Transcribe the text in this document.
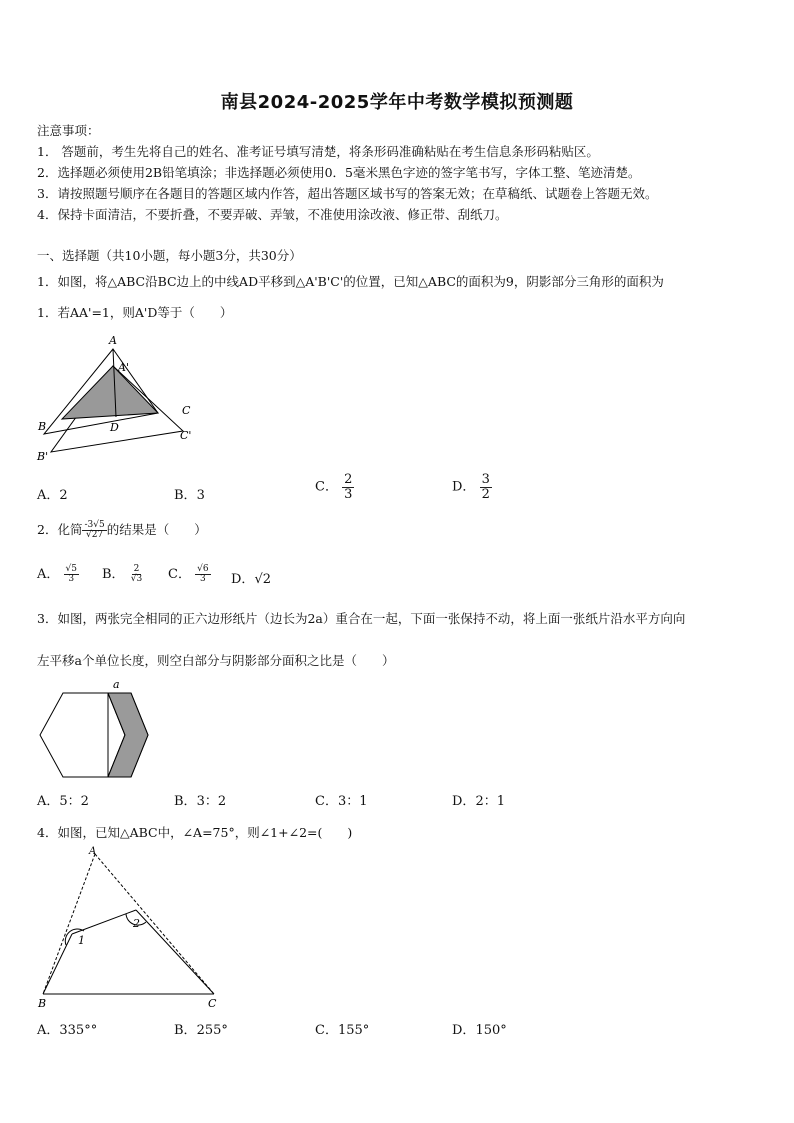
南县2024-2025学年中考数学模拟预测题
注意事项：
1． 答题前，考生先将自己的姓名、准考证号填写清楚，将条形码准确粘贴在考生信息条形码粘贴区。
2．选择题必须使用2B铅笔填涂；非选择题必须使用0．5毫米黑色字迹的签字笔书写，字体工整、笔迹清楚。
3．请按照题号顺序在各题目的答题区域内作答，超出答题区域书写的答案无效；在草稿纸、试题卷上答题无效。
4．保持卡面清洁，不要折叠，不要弄破、弄皱，不准使用涂改液、修正带、刮纸刀。
一、选择题（共10小题，每小题3分，共30分）
1．如图，将△ABC沿BC边上的中线AD平移到△A'B'C'的位置，已知△ABC的面积为9，阴影部分三角形的面积为
1．若AA'=1，则A'D等于（　　）
A
A'
B
C
D
C'
B'
A．2	B．3
C． $\frac{2}{3}$	D． $\frac{3}{2}$
2．化简 $\frac{-3√5}{√27}$ 的结果是（　　）
A． $\frac{√5}{3}$ B． $\frac{2}{√3}$ C． $\frac{√6}{3}$ D．√2
3．如图，两张完全相同的正六边形纸片（边长为2a）重合在一起，下面一张保持不动，将上面一张纸片沿水平方向向
左平移a个单位长度，则空白部分与阴影部分面积之比是（　　）
a
A．5：2	B．3：2	C．3：1	D．2：1
4．如图，已知△ABC中，∠A=75°，则∠1+∠2=(　　)
A
1
2
B	C
A．335°°	B．255°	C．155°	D．150°
